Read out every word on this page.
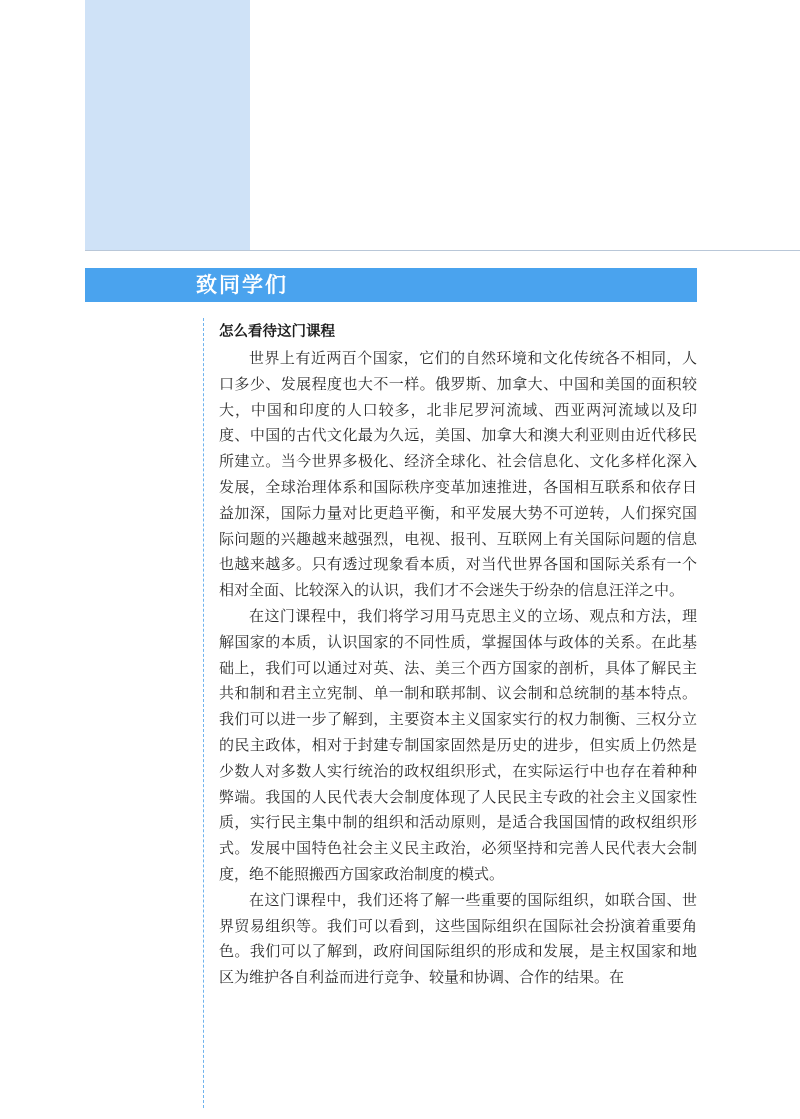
致同学们
怎么看待这门课程

世界上有近两百个国家，它们的自然环境和文化传统各不相同，人口多少、发展程度也大不一样。俄罗斯、加拿大、中国和美国的面积较大，中国和印度的人口较多，北非尼罗河流域、西亚两河流域以及印度、中国的古代文化最为久远，美国、加拿大和澳大利亚则由近代移民所建立。当今世界多极化、经济全球化、社会信息化、文化多样化深入发展，全球治理体系和国际秩序变革加速推进，各国相互联系和依存日益加深，国际力量对比更趋平衡，和平发展大势不可逆转，人们探究国际问题的兴趣越来越强烈，电视、报刊、互联网上有关国际问题的信息也越来越多。只有透过现象看本质，对当代世界各国和国际关系有一个相对全面、比较深入的认识，我们才不会迷失于纷杂的信息汪洋之中。

在这门课程中，我们将学习用马克思主义的立场、观点和方法，理解国家的本质，认识国家的不同性质，掌握国体与政体的关系。在此基础上，我们可以通过对英、法、美三个西方国家的剖析，具体了解民主共和制和君主立宪制、单一制和联邦制、议会制和总统制的基本特点。我们可以进一步了解到，主要资本主义国家实行的权力制衡、三权分立的民主政体，相对于封建专制国家固然是历史的进步，但实质上仍然是少数人对多数人实行统治的政权组织形式，在实际运行中也存在着种种弊端。我国的人民代表大会制度体现了人民民主专政的社会主义国家性质，实行民主集中制的组织和活动原则，是适合我国国情的政权组织形式。发展中国特色社会主义民主政治，必须坚持和完善人民代表大会制度，绝不能照搬西方国家政治制度的模式。

在这门课程中，我们还将了解一些重要的国际组织，如联合国、世界贸易组织等。我们可以看到，这些国际组织在国际社会扮演着重要角色。我们可以了解到，政府间国际组织的形成和发展，是主权国家和地区为维护各自利益而进行竞争、较量和协调、合作的结果。在
